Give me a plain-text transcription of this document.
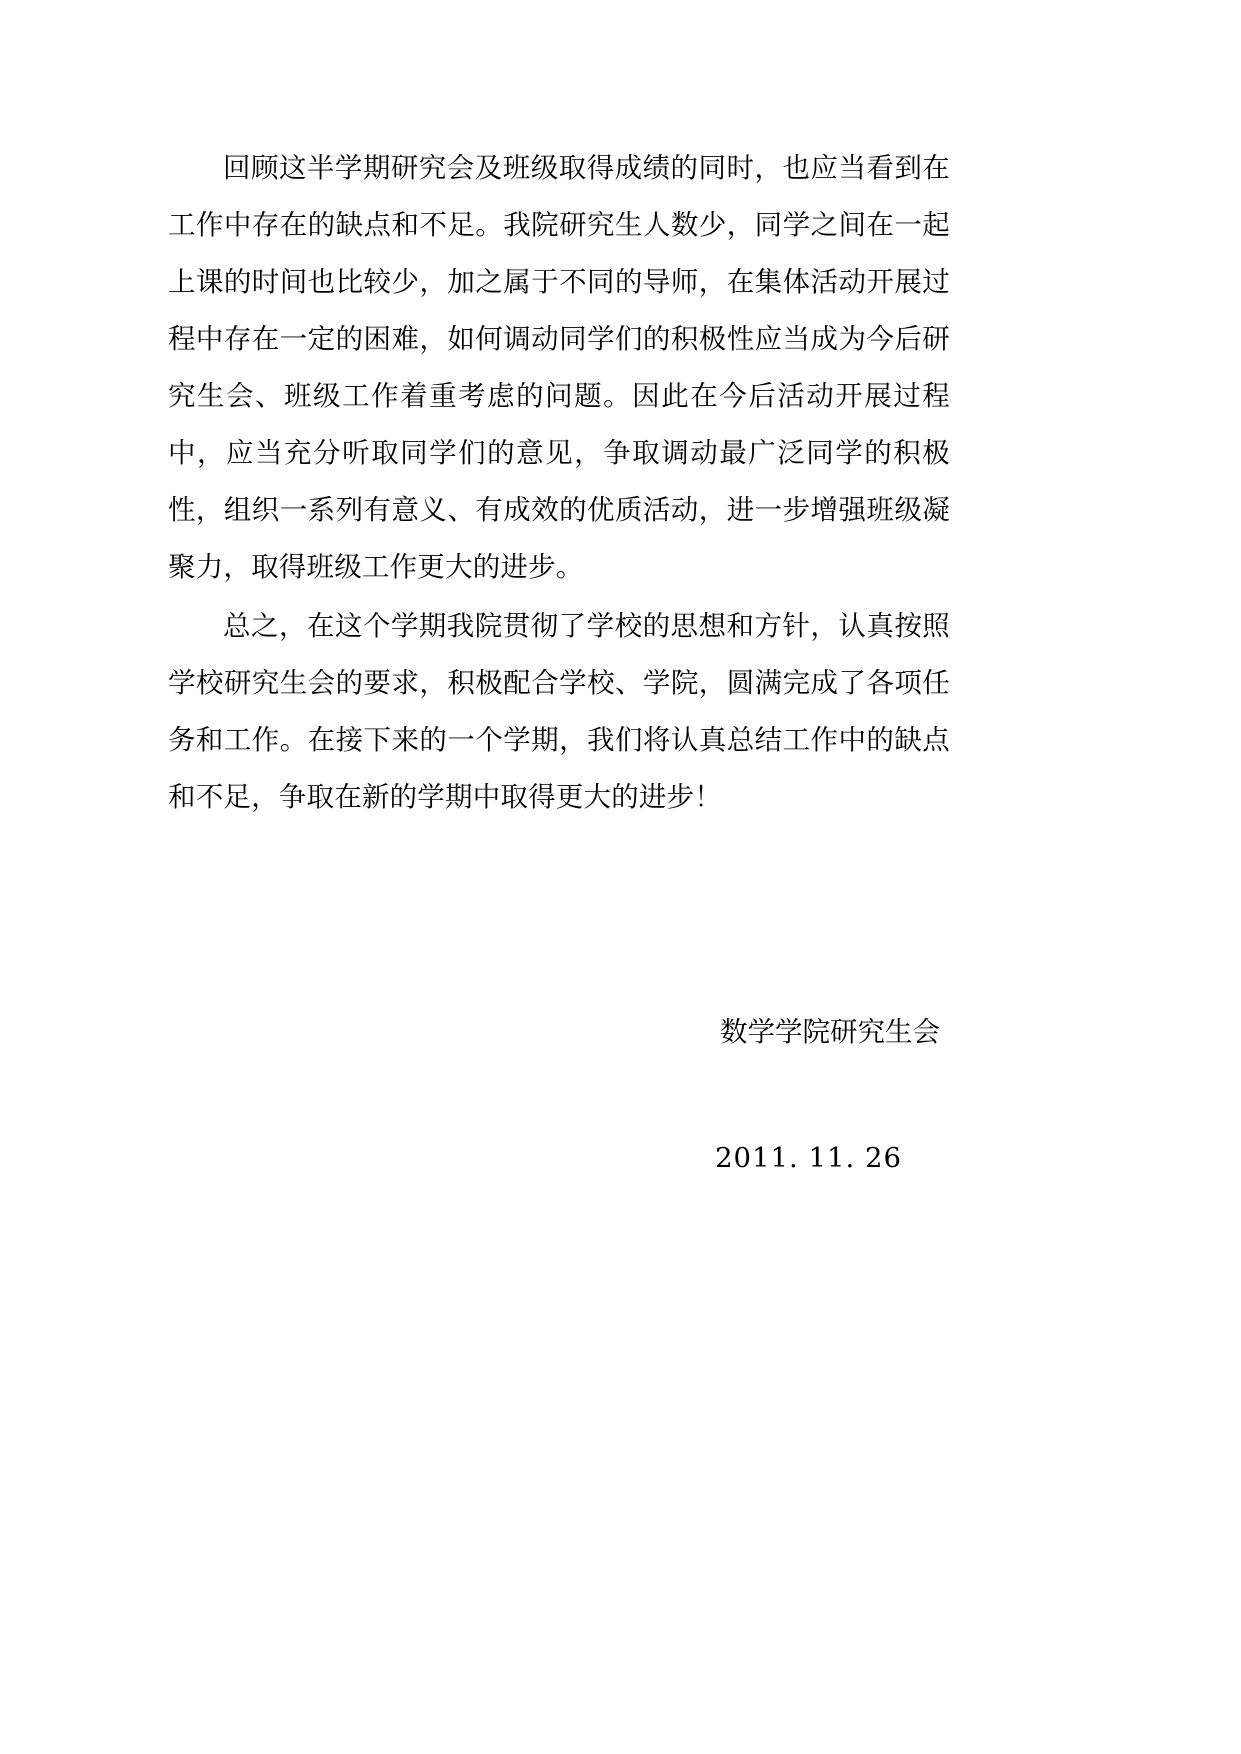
回顾这半学期研究会及班级取得成绩的同时，也应当看到在工作中存在的缺点和不足。我院研究生人数少，同学之间在一起上课的时间也比较少，加之属于不同的导师，在集体活动开展过程中存在一定的困难，如何调动同学们的积极性应当成为今后研究生会、班级工作着重考虑的问题。因此在今后活动开展过程中，应当充分听取同学们的意见，争取调动最广泛同学的积极性，组织一系列有意义、有成效的优质活动，进一步增强班级凝聚力，取得班级工作更大的进步。

总之，在这个学期我院贯彻了学校的思想和方针，认真按照学校研究生会的要求，积极配合学校、学院，圆满完成了各项任务和工作。在接下来的一个学期，我们将认真总结工作中的缺点和不足，争取在新的学期中取得更大的进步！

数学学院研究生会
2011. 11. 26
